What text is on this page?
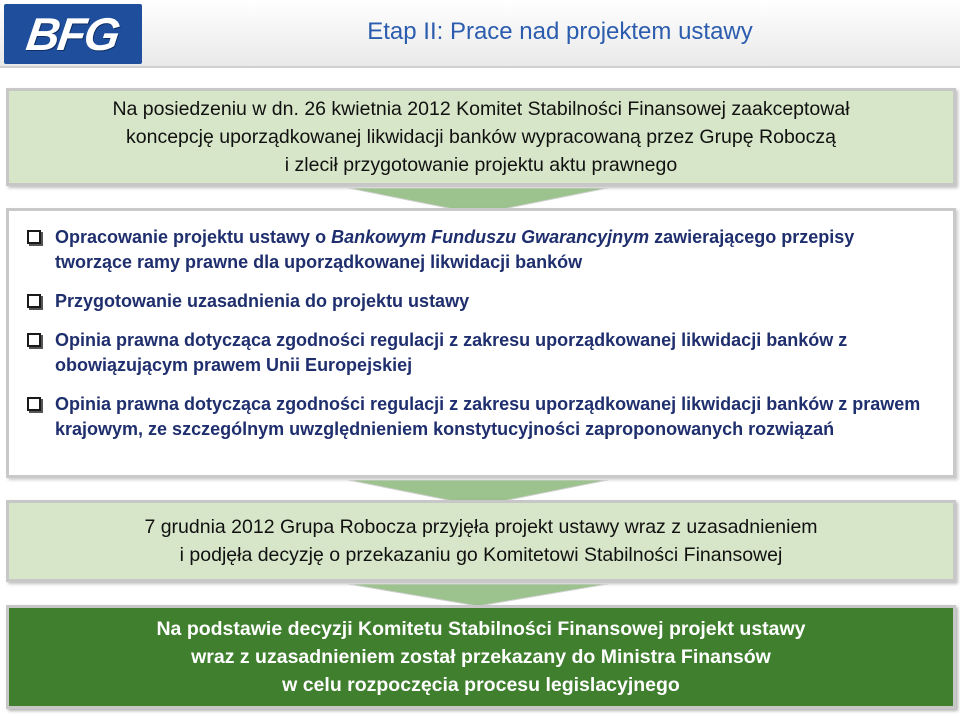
BFG	Etap II: Prace nad projektem ustawy
Na posiedzeniu w dn. 26 kwietnia 2012 Komitet Stabilności Finansowej zaakceptował
koncepcję uporządkowanej likwidacji banków wypracowaną przez Grupę Roboczą
i zlecił przygotowanie projektu aktu prawnego
Opracowanie projektu ustawy o Bankowym Funduszu Gwarancyjnym zawierającego przepisy tworzące ramy prawne dla uporządkowanej likwidacji banków
Przygotowanie uzasadnienia do projektu ustawy
Opinia prawna dotycząca zgodności regulacji z zakresu uporządkowanej likwidacji banków z obowiązującym prawem Unii Europejskiej
Opinia prawna dotycząca zgodności regulacji z zakresu uporządkowanej likwidacji banków z prawem krajowym, ze szczególnym uwzględnieniem konstytucyjności zaproponowanych rozwiązań
7 grudnia 2012 Grupa Robocza przyjęła projekt ustawy wraz z uzasadnieniem
i podjęła decyzję o przekazaniu go Komitetowi Stabilności Finansowej
Na podstawie decyzji Komitetu Stabilności Finansowej projekt ustawy
wraz z uzasadnieniem został przekazany do Ministra Finansów
w celu rozpoczęcia procesu legislacyjnego
